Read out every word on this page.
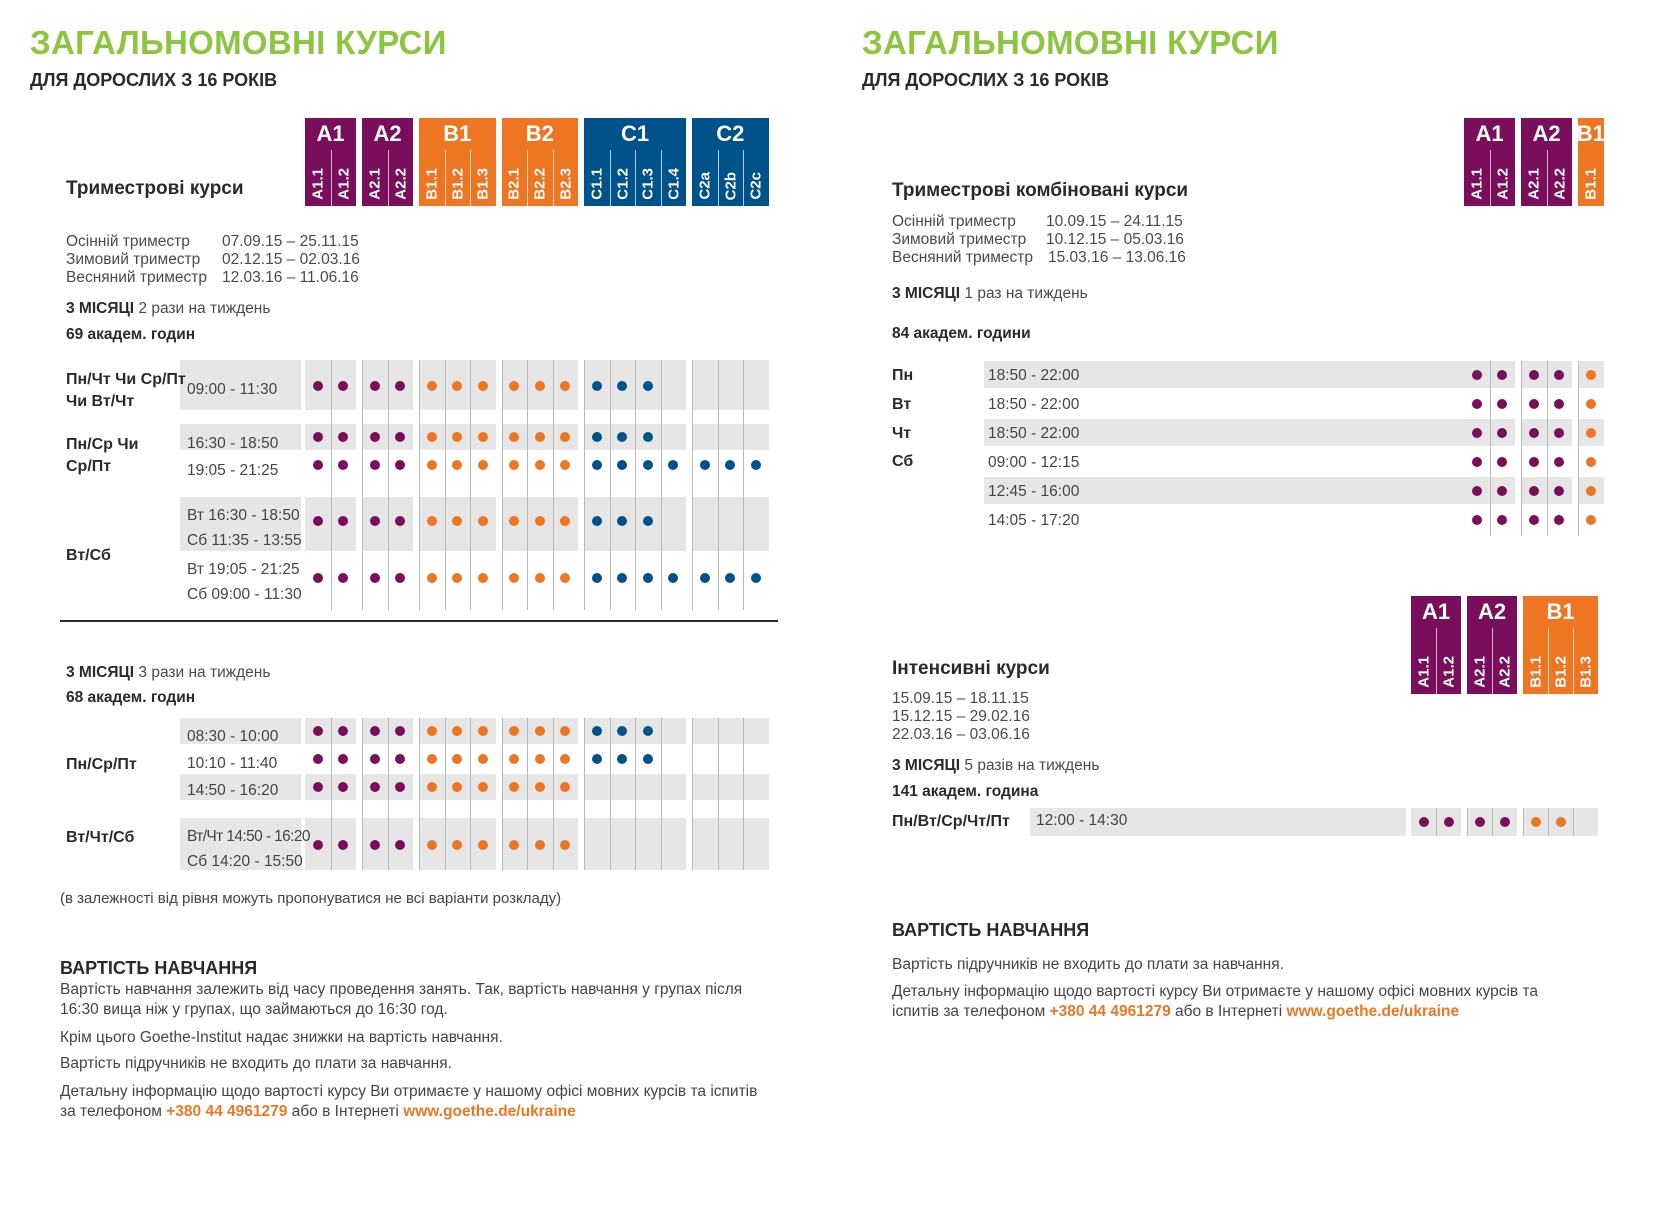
ЗАГАЛЬНОМОВНІ КУРСИ
ДЛЯ ДОРОСЛИХ З 16 РОКІВ
Триместрові курси
A1
A1.1 A1.2
A2
A2.1 A2.2
B1
B1.1 B1.2 B1.3
B2
B2.1 B2.2 B2.3
C1
C1.1 C1.2 C1.3 C1.4
C2
C2a C2b C2c
Осінній триместр 07.09.15 – 25.11.15
Зимовий триместр 02.12.15 – 02.03.16
Весняний триместр 12.03.16 – 11.06.16
3 МІСЯЦІ 2 рази на тиждень
69 академ. годин
Пн/Чт Чи Ср/Пт Чи Вт/Чт
Пн/Ср Чи Ср/Пт
Вт/Сб
09:00 - 11:30
16:30 - 18:50
19:05 - 21:25
Вт 16:30 - 18:50
Сб 11:35 - 13:55
Вт 19:05 - 21:25
Сб 09:00 - 11:30
3 МІСЯЦІ 3 рази на тиждень
68 академ. годин
Пн/Ср/Пт
Вт/Чт/Сб
08:30 - 10:00
10:10 - 11:40
14:50 - 16:20
Вт/Чт 14:50 - 16:20
Сб 14:20 - 15:50
(в залежності від рівня можуть пропонуватися не всі варіанти розкладу)
ВАРТІСТЬ НАВЧАННЯ
Вартість навчання залежить від часу проведення занять. Так, вартість навчання у групах після 16:30 вища ніж у групах, що займаються до 16:30 год.
Крім цього Goethe-Institut надає знижки на вартість навчання.
Вартість підручників не входить до плати за навчання.
Детальну інформацію щодо вартості курсу Ви отримаєте у нашому офісі мовних курсів та іспитів за телефоном +380 44 4961279 або в Інтернеті www.goethe.de/ukraine
ЗАГАЛЬНОМОВНІ КУРСИ
ДЛЯ ДОРОСЛИХ З 16 РОКІВ
Триместрові комбіновані курси
A1
A1.1 A1.2
A2
A2.1 A2.2
B1
B1.1
Осінній триместр 10.09.15 – 24.11.15
Зимовий триместр 10.12.15 – 05.03.16
Весняний триместр 15.03.16 – 13.06.16
3 МІСЯЦІ 1 раз на тиждень
84 академ. години
Пн
Вт
Чт
Сб
18:50 - 22:00
18:50 - 22:00
18:50 - 22:00
09:00 - 12:15
12:45 - 16:00
14:05 - 17:20
A1
A1.1 A1.2
A2
A2.1 A2.2
B1
B1.1 B1.2 B1.3
Інтенсивні курси
15.09.15 – 18.11.15
15.12.15 – 29.02.16
22.03.16 – 03.06.16
3 МІСЯЦІ 5 разів на тиждень
141 академ. година
Пн/Вт/Ср/Чт/Пт 12:00 - 14:30
ВАРТІСТЬ НАВЧАННЯ
Вартість підручників не входить до плати за навчання.
Детальну інформацію щодо вартості курсу Ви отримаєте у нашому офісі мовних курсів та іспитів за телефоном +380 44 4961279 або в Інтернеті www.goethe.de/ukraine
